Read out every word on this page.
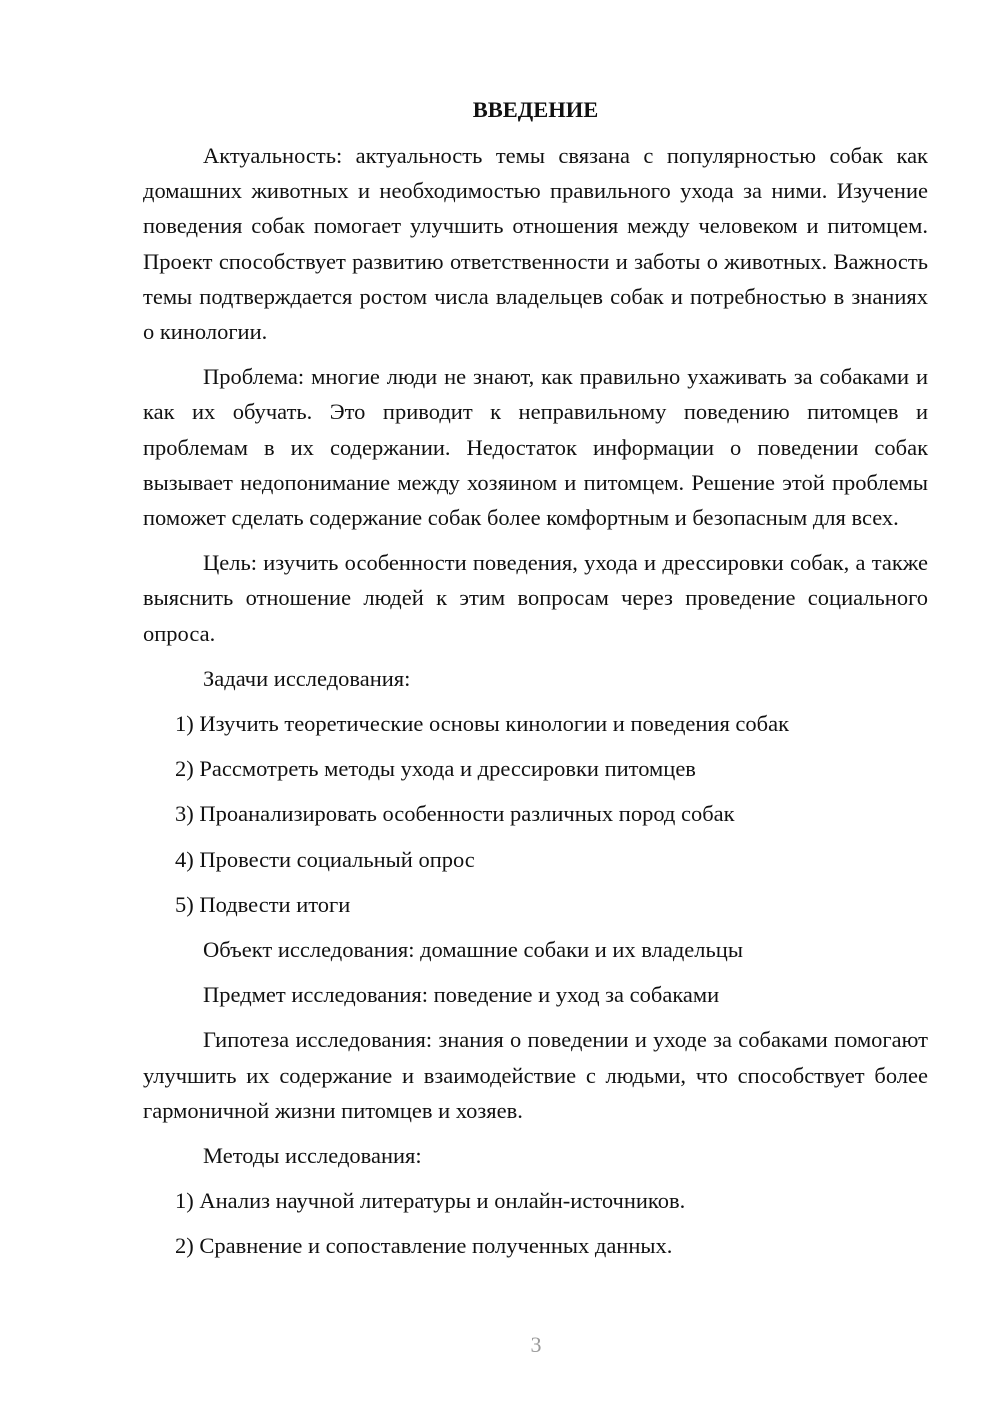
ВВЕДЕНИЕ

Актуальность: актуальность темы связана с популярностью собак как домашних животных и необходимостью правильного ухода за ними. Изучение поведения собак помогает улучшить отношения между человеком и питомцем. Проект способствует развитию ответственности и заботы о животных. Важность темы подтверждается ростом числа владельцев собак и потребностью в знаниях о кинологии.

Проблема: многие люди не знают, как правильно ухаживать за собаками и как их обучать. Это приводит к неправильному поведению питомцев и проблемам в их содержании. Недостаток информации о поведении собак вызывает недопонимание между хозяином и питомцем. Решение этой проблемы поможет сделать содержание собак более комфортным и безопасным для всех.

Цель: изучить особенности поведения, ухода и дрессировки собак, а также выяснить отношение людей к этим вопросам через проведение социального опроса.

Задачи исследования:
1) Изучить теоретические основы кинологии и поведения собак
2) Рассмотреть методы ухода и дрессировки питомцев
3) Проанализировать особенности различных пород собак
4) Провести социальный опрос
5) Подвести итоги
Объект исследования: домашние собаки и их владельцы
Предмет исследования: поведение и уход за собаками

Гипотеза исследования: знания о поведении и уходе за собаками помогают улучшить их содержание и взаимодействие с людьми, что способствует более гармоничной жизни питомцев и хозяев.

Методы исследования:
1) Анализ научной литературы и онлайн-источников.
2) Сравнение и сопоставление полученных данных.
3
